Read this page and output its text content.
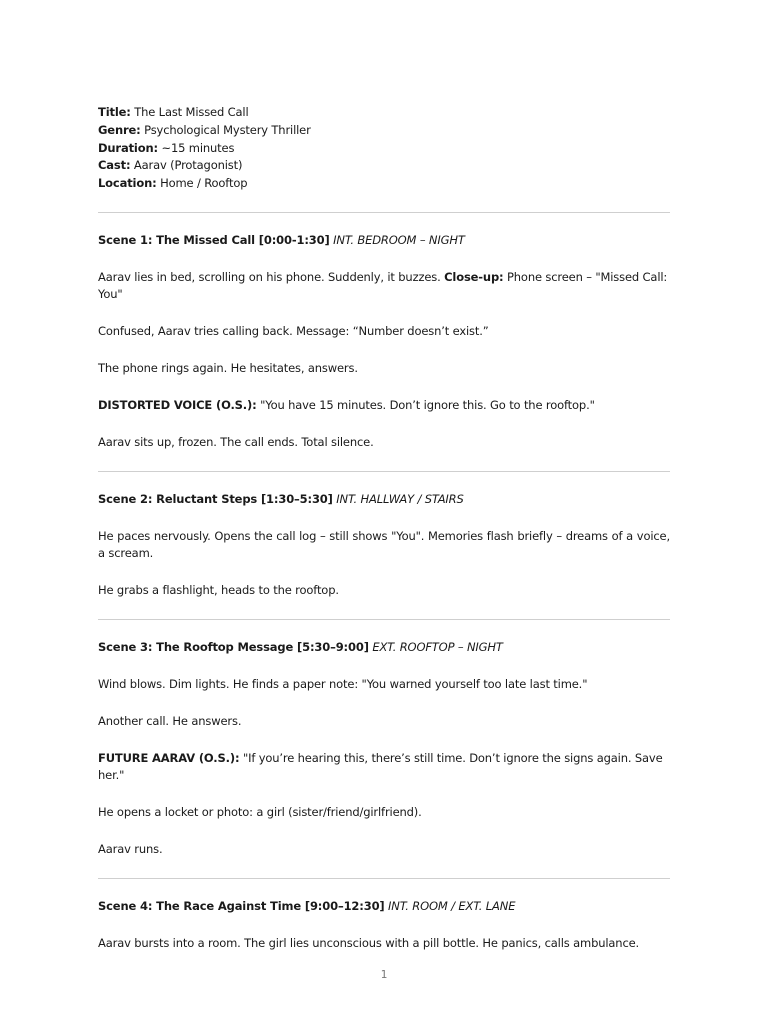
Title: The Last Missed Call
Genre: Psychological Mystery Thriller
Duration: ~15 minutes
Cast: Aarav (Protagonist)
Location: Home / Rooftop
Scene 1: The Missed Call [0:00-1:30] INT. BEDROOM – NIGHT
Aarav lies in bed, scrolling on his phone. Suddenly, it buzzes. Close-up: Phone screen – "Missed Call: You"
Confused, Aarav tries calling back. Message: “Number doesn’t exist.”
The phone rings again. He hesitates, answers.
DISTORTED VOICE (O.S.): "You have 15 minutes. Don’t ignore this. Go to the rooftop."
Aarav sits up, frozen. The call ends. Total silence.
Scene 2: Reluctant Steps [1:30–5:30] INT. HALLWAY / STAIRS
He paces nervously. Opens the call log – still shows "You". Memories flash briefly – dreams of a voice, a scream.
He grabs a flashlight, heads to the rooftop.
Scene 3: The Rooftop Message [5:30–9:00] EXT. ROOFTOP – NIGHT
Wind blows. Dim lights. He finds a paper note: "You warned yourself too late last time."
Another call. He answers.
FUTURE AARAV (O.S.): "If you’re hearing this, there’s still time. Don’t ignore the signs again. Save her."
He opens a locket or photo: a girl (sister/friend/girlfriend).
Aarav runs.
Scene 4: The Race Against Time [9:00–12:30] INT. ROOM / EXT. LANE
Aarav bursts into a room. The girl lies unconscious with a pill bottle. He panics, calls ambulance.
1
